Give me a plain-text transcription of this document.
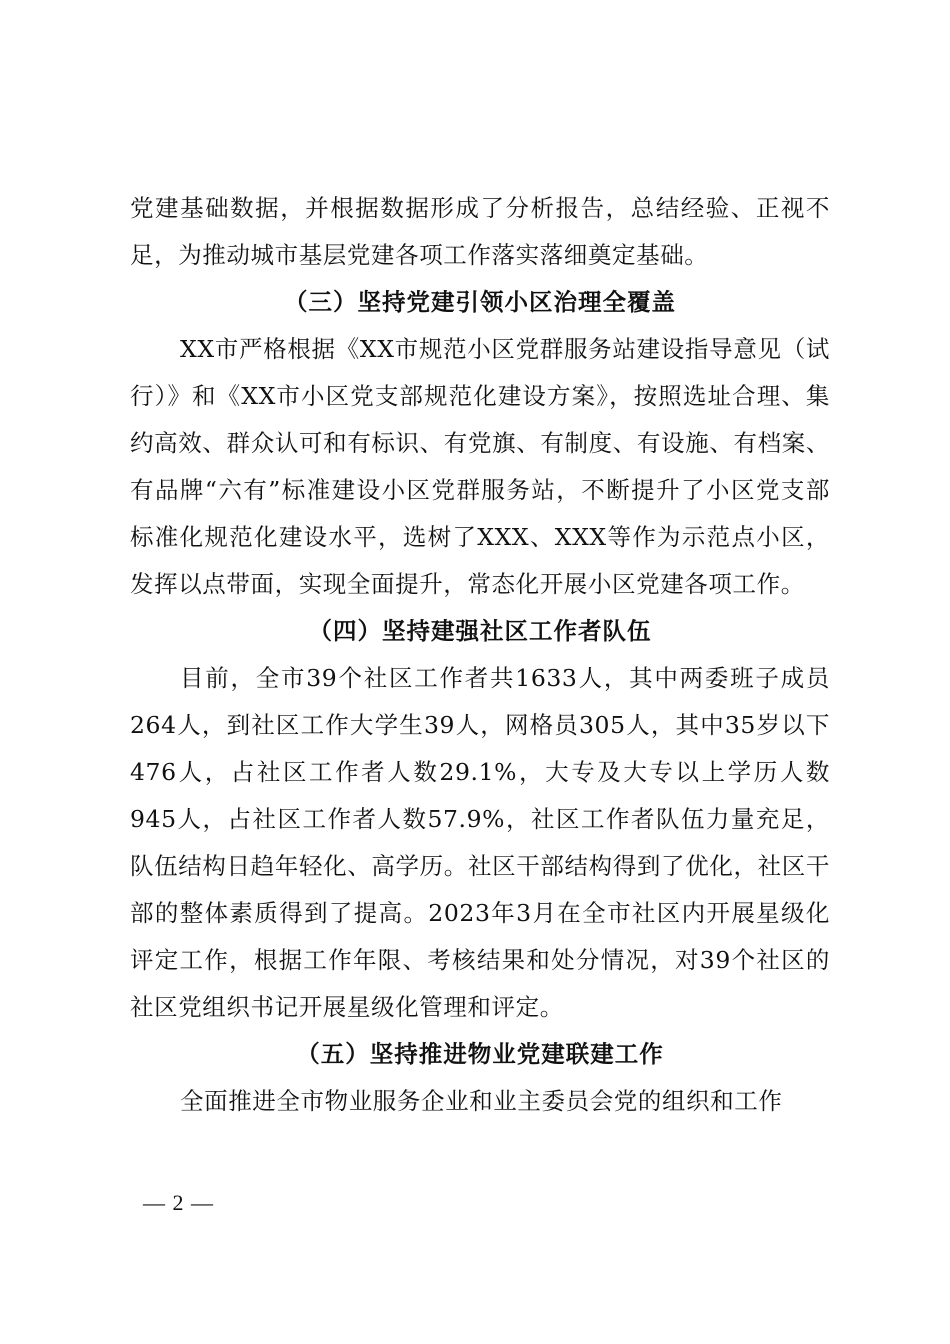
党建基础数据，并根据数据形成了分析报告，总结经验、正视不足，为推动城市基层党建各项工作落实落细奠定基础。

（三）坚持党建引领小区治理全覆盖

XX市严格根据《XX市规范小区党群服务站建设指导意见（试行）》和《XX市小区党支部规范化建设方案》，按照选址合理、集约高效、群众认可和有标识、有党旗、有制度、有设施、有档案、有品牌“六有”标准建设小区党群服务站，不断提升了小区党支部标准化规范化建设水平，选树了XXX、XXX等作为示范点小区，发挥以点带面，实现全面提升，常态化开展小区党建各项工作。

（四）坚持建强社区工作者队伍

目前，全市39个社区工作者共1633人，其中两委班子成员264人，到社区工作大学生39人，网格员305人，其中35岁以下476人，占社区工作者人数29.1%，大专及大专以上学历人数945人，占社区工作者人数57.9%，社区工作者队伍力量充足，队伍结构日趋年轻化、高学历。社区干部结构得到了优化，社区干部的整体素质得到了提高。2023年3月在全市社区内开展星级化评定工作，根据工作年限、考核结果和处分情况，对39个社区的社区党组织书记开展星级化管理和评定。

（五）坚持推进物业党建联建工作

全面推进全市物业服务企业和业主委员会党的组织和工作

— 2 —
